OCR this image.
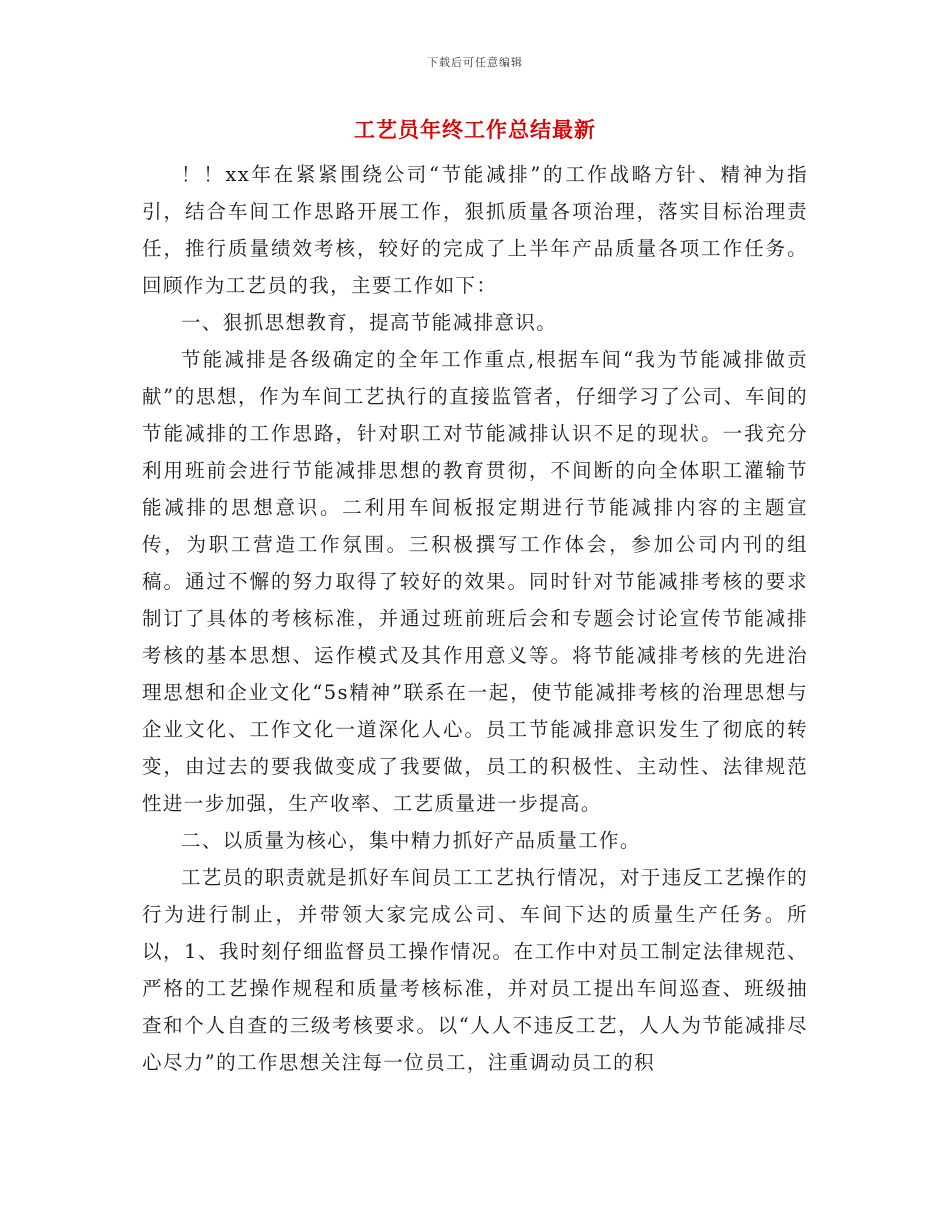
下载后可任意编辑
工艺员年终工作总结最新

！！xx年在紧紧围绕公司“节能减排”的工作战略方针、精神为指引，结合车间工作思路开展工作，狠抓质量各项治理，落实目标治理责任，推行质量绩效考核，较好的完成了上半年产品质量各项工作任务。回顾作为工艺员的我，主要工作如下：

一、狠抓思想教育，提高节能减排意识。

节能减排是各级确定的全年工作重点,根据车间“我为节能减排做贡献”的思想，作为车间工艺执行的直接监管者，仔细学习了公司、车间的节能减排的工作思路，针对职工对节能减排认识不足的现状。一我充分利用班前会进行节能减排思想的教育贯彻，不间断的向全体职工灌输节能减排的思想意识。二利用车间板报定期进行节能减排内容的主题宣传，为职工营造工作氛围。三积极撰写工作体会，参加公司内刊的组稿。通过不懈的努力取得了较好的效果。同时针对节能减排考核的要求制订了具体的考核标准，并通过班前班后会和专题会讨论宣传节能减排考核的基本思想、运作模式及其作用意义等。将节能减排考核的先进治理思想和企业文化“5s精神”联系在一起，使节能减排考核的治理思想与企业文化、工作文化一道深化人心。员工节能减排意识发生了彻底的转变，由过去的要我做变成了我要做，员工的积极性、主动性、法律规范性进一步加强，生产收率、工艺质量进一步提高。

二、以质量为核心，集中精力抓好产品质量工作。

工艺员的职责就是抓好车间员工工艺执行情况，对于违反工艺操作的行为进行制止，并带领大家完成公司、车间下达的质量生产任务。所以，1、我时刻仔细监督员工操作情况。在工作中对员工制定法律规范、严格的工艺操作规程和质量考核标准，并对员工提出车间巡查、班级抽查和个人自查的三级考核要求。以“人人不违反工艺，人人为节能减排尽心尽力”的工作思想关注每一位员工，注重调动员工的积
